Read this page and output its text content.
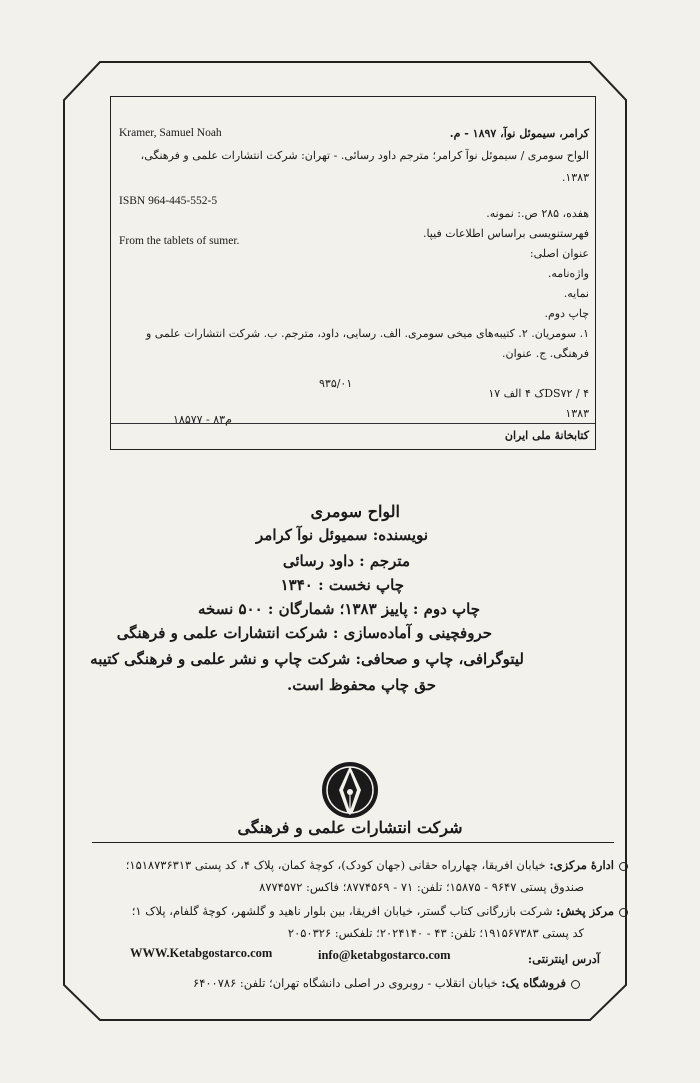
کرامر، سیموئل نوآ، ۱۸۹۷ - م.
Kramer, Samuel Noah
الواح سومری / سیموئل نوآ کرامر؛ مترجم داود رسائی. - تهران: شرکت انتشارات علمی و فرهنگی،
۱۳۸۳.
ISBN 964-445-552-5
هفده، ۲۸۵ ص.: نمونه.
فهرستنویسی براساس اطلاعات فیپا.
From the tablets of sumer.
عنوان اصلی:
واژه‌نامه.
نمایه.
چاپ دوم.
۱. سومریان. ۲. کتیبه‌های میخی سومری. الف. رسایی، داود، مترجم. ب. شرکت انتشارات علمی و
فرهنگی. ج. عنوان.
۹۳۵/۰۱
DS۷۲ / ۴ک ۴ الف ۱۷
۱۳۸۳
م۸۳ - ۱۸۵۷۷
کتابخانهٔ ملی ایران
الواح سومری
نویسنده: سمیوئل نوآ کرامر
مترجم : داود رسائی
چاپ نخست : ۱۳۴۰
چاپ دوم : پاییز ۱۳۸۳؛ شمارگان : ۵۰۰ نسخه
حروفچینی و آماده‌سازی : شرکت انتشارات علمی و فرهنگی
لیتوگرافی، چاپ و صحافی: شرکت چاپ و نشر علمی و فرهنگی کتیبه
حق چاپ محفوظ است.
شرکت انتشارات علمی و فرهنگی
ادارهٔ مرکزی: خیابان افریقا، چهارراه حقانی (جهان کودک)، کوچهٔ کمان، پلاک ۴، کد پستی ۱۵۱۸۷۳۶۳۱۳؛
صندوق پستی ۹۶۴۷ - ۱۵۸۷۵؛ تلفن: ۷۱ - ۸۷۷۴۵۶۹؛ فاکس: ۸۷۷۴۵۷۲
مرکز پخش: شرکت بازرگانی کتاب گستر، خیابان افریقا، بین بلوار ناهید و گلشهر، کوچهٔ گلفام، پلاک ۱؛
کد پستی ۱۹۱۵۶۷۳۸۳؛ تلفن: ۴۳ - ۲۰۲۴۱۴۰؛ تلفکس: ۲۰۵۰۳۲۶
آدرس اینترنتی:
info@ketabgostarco.com
WWW.Ketabgostarco.com
فروشگاه یک: خیابان انقلاب - روبروی در اصلی دانشگاه تهران؛ تلفن: ۶۴۰۰۷۸۶
